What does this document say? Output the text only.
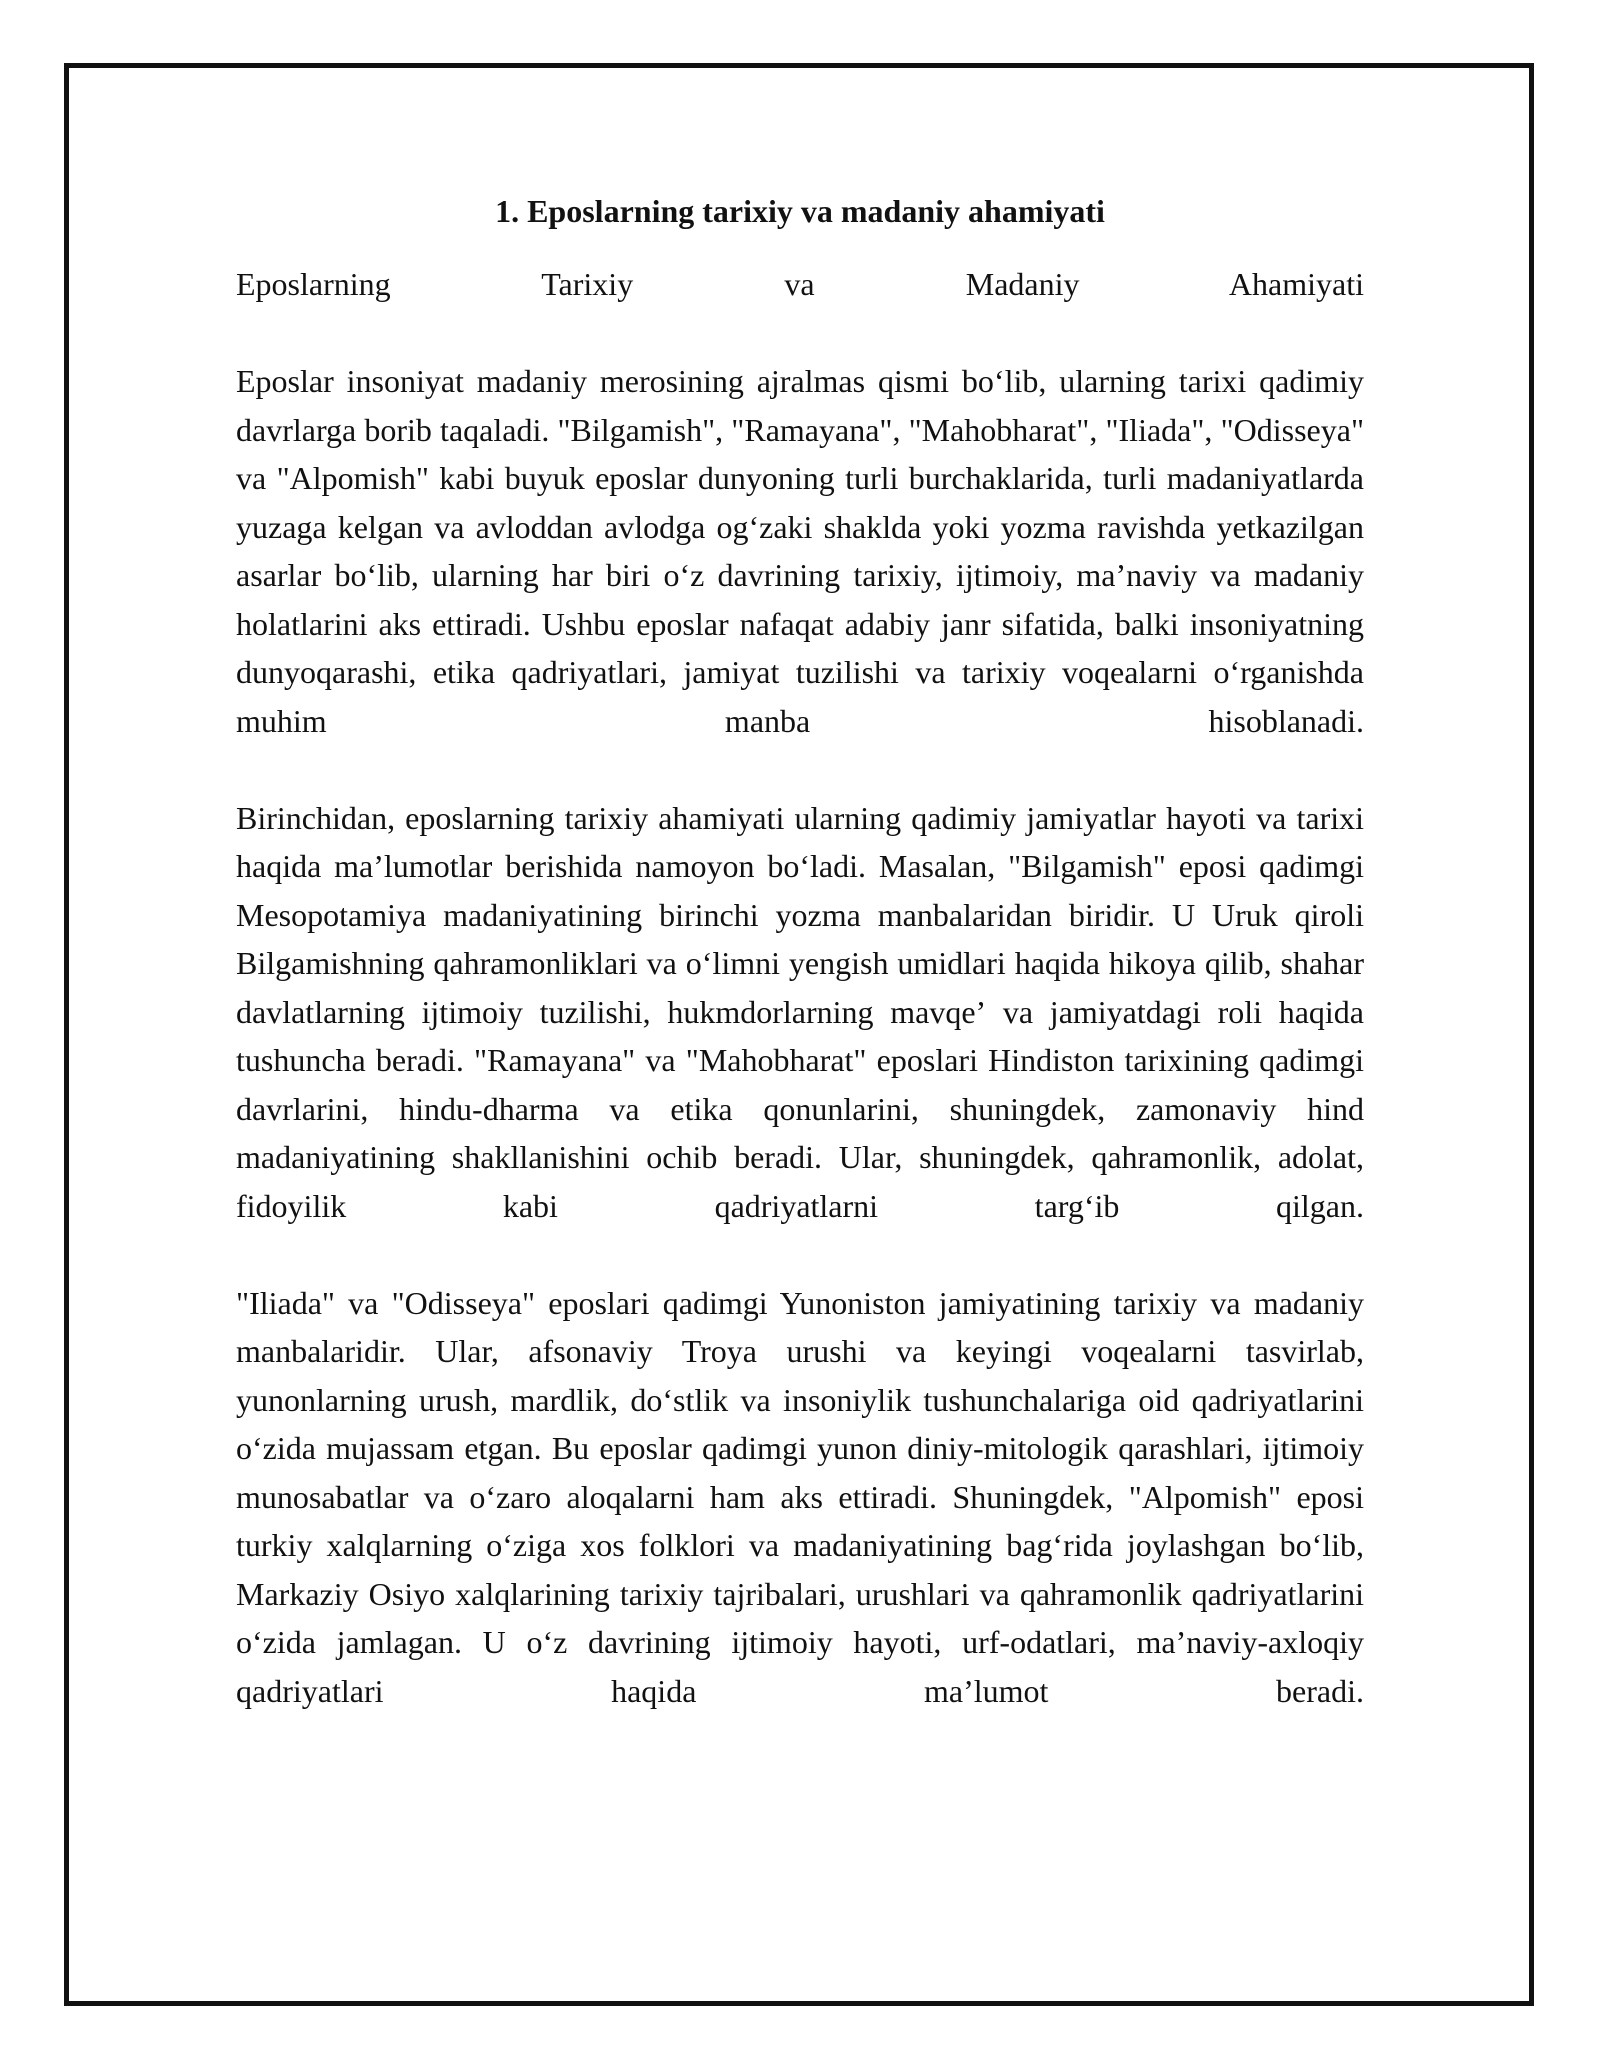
1. Eposlarning tarixiy va madaniy ahamiyati

Eposlarning Tarixiy va Madaniy Ahamiyati

Eposlar insoniyat madaniy merosining ajralmas qismi boʻlib, ularning tarixi qadimiy davrlarga borib taqaladi. "Bilgamish", "Ramayana", "Mahobharat", "Iliada", "Odisseya" va "Alpomish" kabi buyuk eposlar dunyoning turli burchaklarida, turli madaniyatlarda yuzaga kelgan va avloddan avlodga ogʻzaki shakldа yoki yozma ravishda yetkazilgan asarlar boʻlib, ularning har biri oʻz davrining tarixiy, ijtimoiy, maʼnaviy va madaniy holatlarini aks ettiradi. Ushbu eposlar nafaqat adabiy janr sifatida, balki insoniyatning dunyoqarashi, etika qadriyatlari, jamiyat tuzilishi va tarixiy voqealarni oʻrganishda muhim manba hisoblanadi.

Birinchidan, eposlarning tarixiy ahamiyati ularning qadimiy jamiyatlar hayoti va tarixi haqida maʼlumotlar berishida namoyon boʻladi. Masalan, "Bilgamish" eposi qadimgi Mesopotamiya madaniyatining birinchi yozma manbalaridan biridir. U Uruk qiroli Bilgamishning qahramonliklari va oʻlimni yengish umidlari haqida hikoya qilib, shahar davlatlarning ijtimoiy tuzilishi, hukmdorlarning mavqeʼ va jamiyatdagi roli haqida tushuncha beradi. "Ramayana" va "Mahobharat" eposlari Hindiston tarixining qadimgi davrlarini, hindu-dharma va etika qonunlarini, shuningdek, zamonaviy hind madaniyatining shakllanishini ochib beradi. Ular, shuningdek, qahramonlik, adolat, fidoyilik kabi qadriyatlarni targʻib qilgan.

"Iliada" va "Odisseya" eposlari qadimgi Yunoniston jamiyatining tarixiy va madaniy manbalaridir. Ular, afsonaviy Troya urushi va keyingi voqealarni tasvirlab, yunonlarning urush, mardlik, doʻstlik va insoniylik tushunchalariga oid qadriyatlarini oʻzida mujassam etgan. Bu eposlar qadimgi yunon diniy-mitologik qarashlari, ijtimoiy munosabatlar va oʻzaro aloqalarni ham aks ettiradi. Shuningdek, "Alpomish" eposi turkiy xalqlarning oʻziga xos folklori va madaniyatining bagʻrida joylashgan boʻlib, Markaziy Osiyo xalqlarining tarixiy tajribalari, urushlari va qahramonlik qadriyatlarini oʻzida jamlagan. U oʻz davrining ijtimoiy hayoti, urf-odatlari, maʼnaviy-axloqiy qadriyatlari haqida maʼlumot beradi.
